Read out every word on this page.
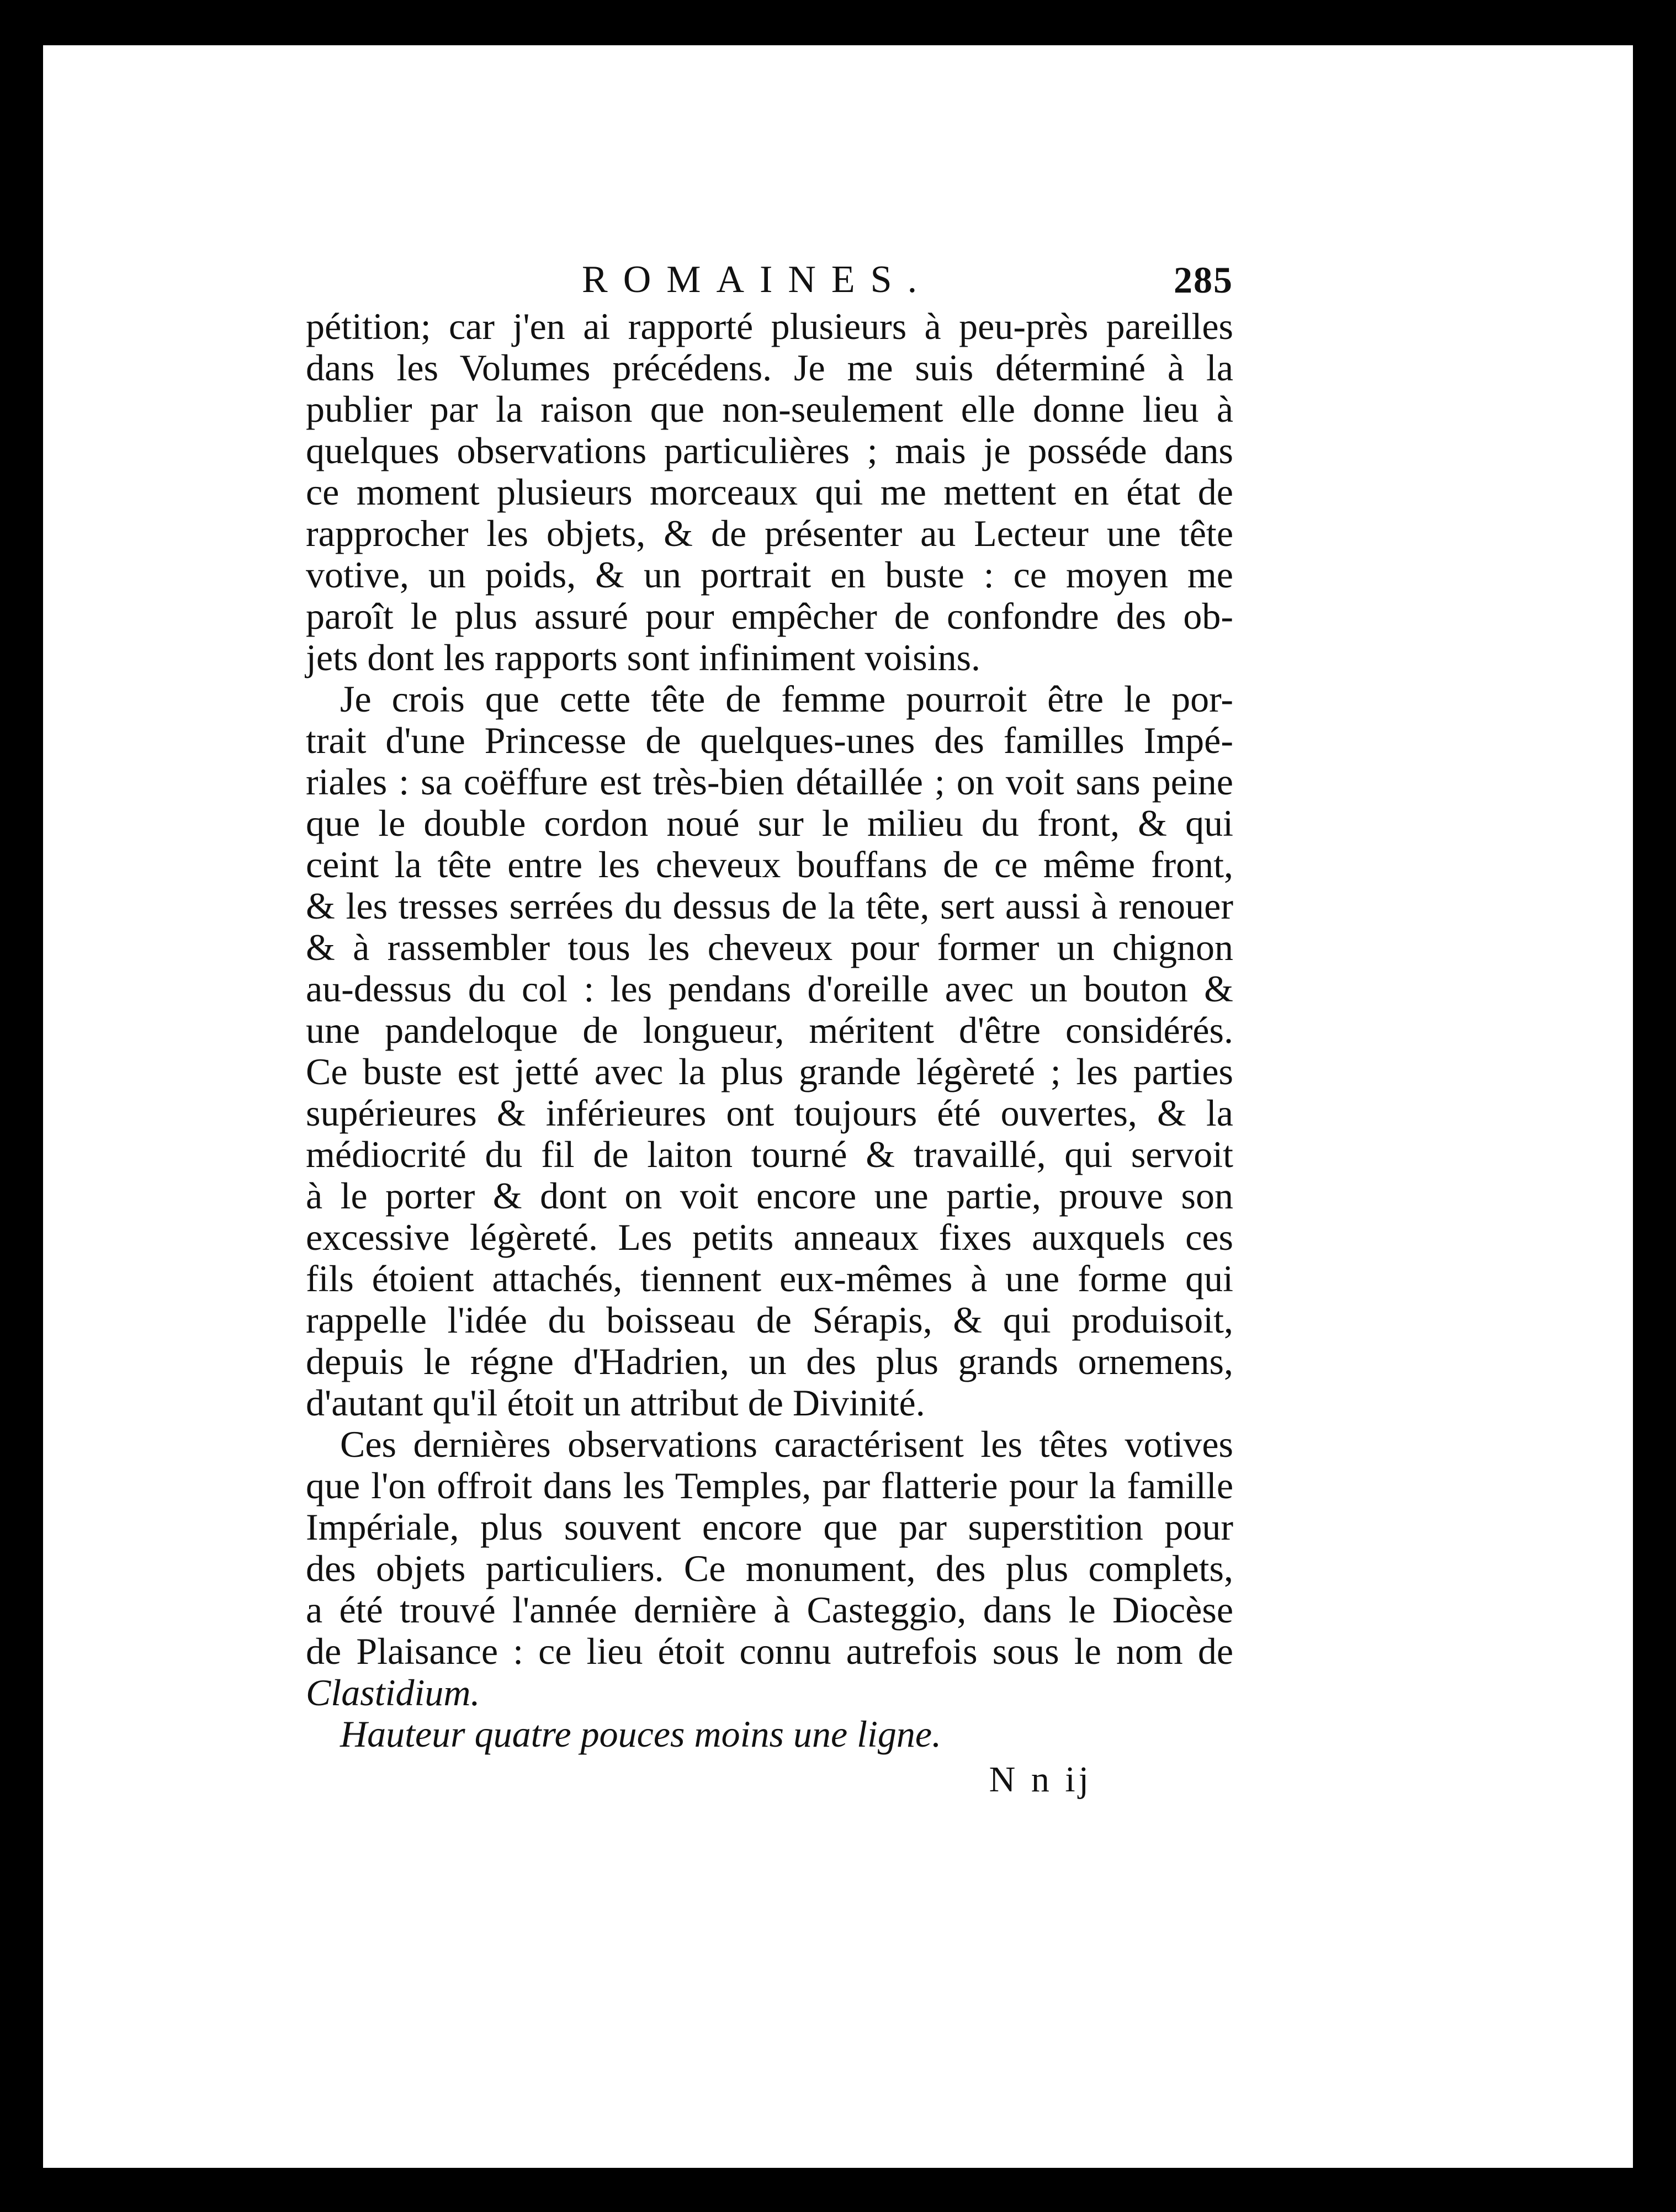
ROMAINES.	285
pétition; car j'en ai rapporté plusieurs à peu-près pareilles
dans les Volumes précédens. Je me suis déterminé à la
publier par la raison que non-seulement elle donne lieu à
quelques observations particulières ; mais je posséde dans
ce moment plusieurs morceaux qui me mettent en état de
rapprocher les objets, & de présenter au Lecteur une tête
votive, un poids, & un portrait en buste : ce moyen me
paroît le plus assuré pour empêcher de confondre des ob-
jets dont les rapports sont infiniment voisins.
Je crois que cette tête de femme pourroit être le por-
trait d'une Princesse de quelques-unes des familles Impé-
riales : sa coëffure est très-bien détaillée ; on voit sans peine
que le double cordon noué sur le milieu du front, & qui
ceint la tête entre les cheveux bouffans de ce même front,
& les tresses serrées du dessus de la tête, sert aussi à renouer
& à rassembler tous les cheveux pour former un chignon
au-dessus du col : les pendans d'oreille avec un bouton &
une pandeloque de longueur, méritent d'être considérés.
Ce buste est jetté avec la plus grande légèreté ; les parties
supérieures & inférieures ont toujours été ouvertes, & la
médiocrité du fil de laiton tourné & travaillé, qui servoit
à le porter & dont on voit encore une partie, prouve son
excessive légèreté. Les petits anneaux fixes auxquels ces
fils étoient attachés, tiennent eux-mêmes à une forme qui
rappelle l'idée du boisseau de Sérapis, & qui produisoit,
depuis le régne d'Hadrien, un des plus grands ornemens,
d'autant qu'il étoit un attribut de Divinité.
Ces dernières observations caractérisent les têtes votives
que l'on offroit dans les Temples, par flatterie pour la famille
Impériale, plus souvent encore que par superstition pour
des objets particuliers. Ce monument, des plus complets,
a été trouvé l'année dernière à Casteggio, dans le Diocèse
de Plaisance : ce lieu étoit connu autrefois sous le nom de
Clastidium.
Hauteur quatre pouces moins une ligne.
N n ij
